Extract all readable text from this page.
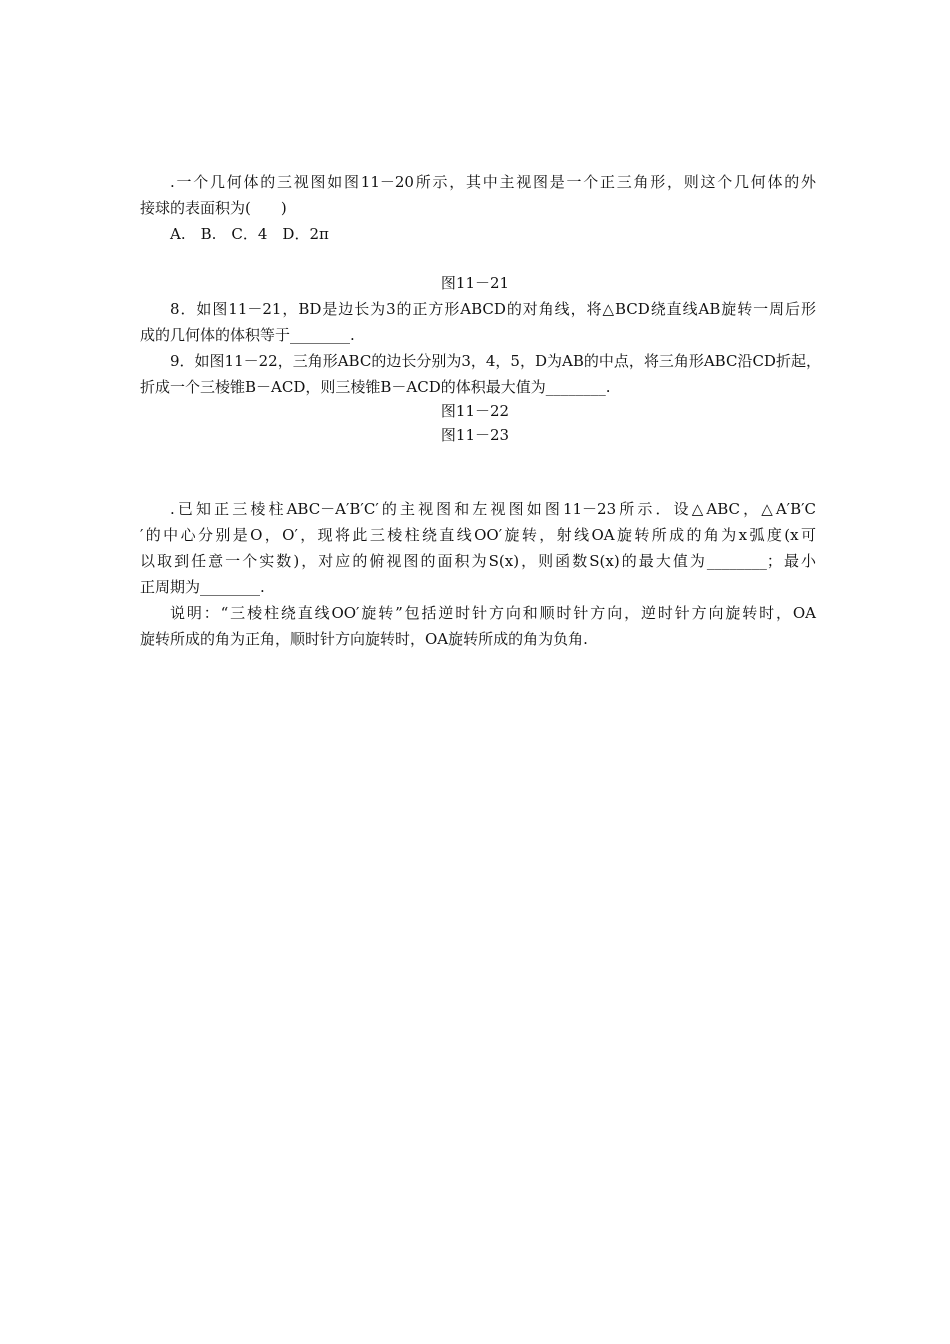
.一个几何体的三视图如图11－20所示，其中主视图是一个正三角形，则这个几何体的外
接球的表面积为(　　)
A.　B.　C．4　D．2π
图11－21
8．如图11－21，BD是边长为3的正方形ABCD的对角线，将△BCD绕直线AB旋转一周后形
成的几何体的体积等于________.
9．如图11－22，三角形ABC的边长分别为3，4，5，D为AB的中点，将三角形ABC沿CD折起，
折成一个三棱锥B－ACD，则三棱锥B－ACD的体积最大值为________.
图11－22
图11－23
.已知正三棱柱ABC－A′B′C′的主视图和左视图如图11－23所示．设△ABC，△A′B′C
′的中心分别是O，O′，现将此三棱柱绕直线OO′旋转，射线OA旋转所成的角为x弧度(x可
以取到任意一个实数)，对应的俯视图的面积为S(x)，则函数S(x)的最大值为________；最小
正周期为________.
说明：“三棱柱绕直线OO′旋转”包括逆时针方向和顺时针方向，逆时针方向旋转时，OA
旋转所成的角为正角，顺时针方向旋转时，OA旋转所成的角为负角.
